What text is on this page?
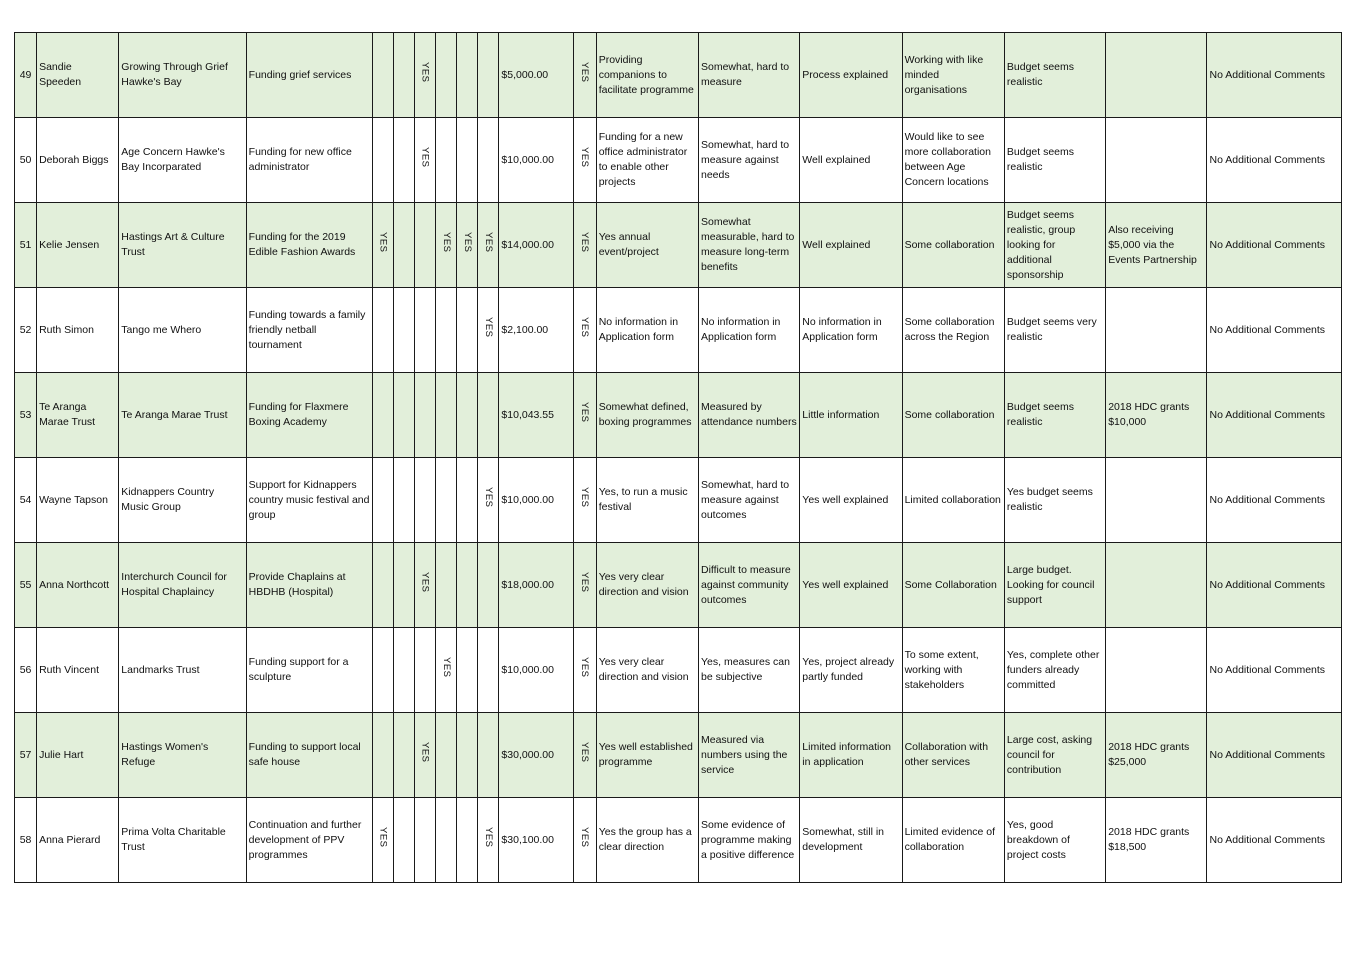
49	Sandie Speeden	Growing Through Grief Hawke's Bay	Funding grief services			YES				$5,000.00	YES	Providing companions to facilitate programme	Somewhat, hard to measure	Process explained	Working with like minded organisations	Budget seems realistic		No Additional Comments
50	Deborah Biggs	Age Concern Hawke's Bay Incorparated	Funding for new office administrator			YES				$10,000.00	YES	Funding for a new office administrator to enable other projects	Somewhat, hard to measure against needs	Well explained	Would like to see more collaboration between Age Concern locations	Budget seems realistic		No Additional Comments
51	Kelie Jensen	Hastings Art & Culture Trust	Funding for the 2019 Edible Fashion Awards	YES			YES	YES	YES	$14,000.00	YES	Yes annual event/project	Somewhat measurable, hard to measure long-term benefits	Well explained	Some collaboration	Budget seems realistic, group looking for additional sponsorship	Also receiving $5,000 via the Events Partnership	No Additional Comments
52	Ruth Simon	Tango me Whero	Funding towards a family friendly netball tournament						YES	$2,100.00	YES	No information in Application form	No information in Application form	No information in Application form	Some collaboration across the Region	Budget seems very realistic		No Additional Comments
53	Te Aranga Marae Trust	Te Aranga Marae Trust	Funding for Flaxmere Boxing Academy							$10,043.55	YES	Somewhat defined, boxing programmes	Measured by attendance numbers	Little information	Some collaboration	Budget seems realistic	2018 HDC grants $10,000	No Additional Comments
54	Wayne Tapson	Kidnappers Country Music Group	Support for Kidnappers country music festival and group						YES	$10,000.00	YES	Yes, to run a music festival	Somewhat, hard to measure against outcomes	Yes well explained	Limited collaboration	Yes budget seems realistic		No Additional Comments
55	Anna Northcott	Interchurch Council for Hospital Chaplaincy	Provide Chaplains at HBDHB (Hospital)			YES				$18,000.00	YES	Yes very clear direction and vision	Difficult to measure against community outcomes	Yes well explained	Some Collaboration	Large budget. Looking for council support		No Additional Comments
56	Ruth Vincent	Landmarks Trust	Funding support for a sculpture				YES			$10,000.00	YES	Yes very clear direction and vision	Yes, measures can be subjective	Yes, project already partly funded	To some extent, working with stakeholders	Yes, complete other funders already committed		No Additional Comments
57	Julie Hart	Hastings Women's Refuge	Funding to support local safe house			YES				$30,000.00	YES	Yes well established programme	Measured via numbers using the service	Limited information in application	Collaboration with other services	Large cost, asking council for contribution	2018 HDC grants $25,000	No Additional Comments
58	Anna Pierard	Prima Volta Charitable Trust	Continuation and further development of PPV programmes	YES					YES	$30,100.00	YES	Yes the group has a clear direction	Some evidence of programme making a positive difference	Somewhat, still in development	Limited evidence of collaboration	Yes, good breakdown of project costs	2018 HDC grants $18,500	No Additional Comments
